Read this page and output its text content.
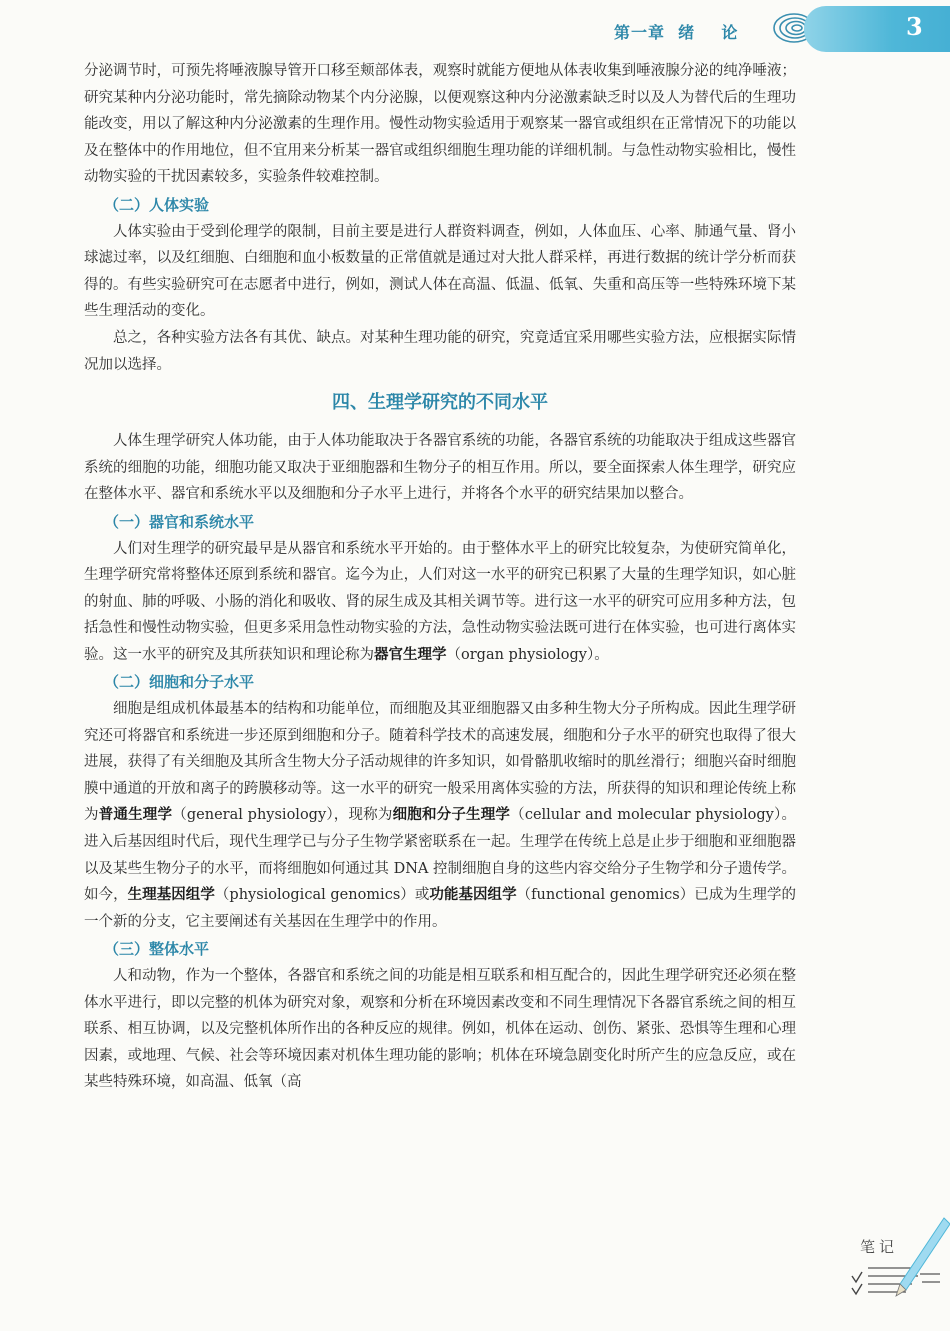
第一章  绪    论	3

分泌调节时，可预先将唾液腺导管开口移至颊部体表，观察时就能方便地从体表收集到唾液腺分泌的纯净唾液；研究某种内分泌功能时，常先摘除动物某个内分泌腺，以便观察这种内分泌激素缺乏时以及人为替代后的生理功能改变，用以了解这种内分泌激素的生理作用。慢性动物实验适用于观察某一器官或组织在正常情况下的功能以及在整体中的作用地位，但不宜用来分析某一器官或组织细胞生理功能的详细机制。与急性动物实验相比，慢性动物实验的干扰因素较多，实验条件较难控制。

（二）人体实验

人体实验由于受到伦理学的限制，目前主要是进行人群资料调查，例如，人体血压、心率、肺通气量、肾小球滤过率，以及红细胞、白细胞和血小板数量的正常值就是通过对大批人群采样，再进行数据的统计学分析而获得的。有些实验研究可在志愿者中进行，例如，测试人体在高温、低温、低氧、失重和高压等一些特殊环境下某些生理活动的变化。

总之，各种实验方法各有其优、缺点。对某种生理功能的研究，究竟适宜采用哪些实验方法，应根据实际情况加以选择。

四、生理学研究的不同水平

人体生理学研究人体功能，由于人体功能取决于各器官系统的功能，各器官系统的功能取决于组成这些器官系统的细胞的功能，细胞功能又取决于亚细胞器和生物分子的相互作用。所以，要全面探索人体生理学，研究应在整体水平、器官和系统水平以及细胞和分子水平上进行，并将各个水平的研究结果加以整合。

（一）器官和系统水平

人们对生理学的研究最早是从器官和系统水平开始的。由于整体水平上的研究比较复杂，为使研究简单化，生理学研究常将整体还原到系统和器官。迄今为止，人们对这一水平的研究已积累了大量的生理学知识，如心脏的射血、肺的呼吸、小肠的消化和吸收、肾的尿生成及其相关调节等。进行这一水平的研究可应用多种方法，包括急性和慢性动物实验，但更多采用急性动物实验的方法，急性动物实验法既可进行在体实验，也可进行离体实验。这一水平的研究及其所获知识和理论称为器官生理学（organ physiology）。

（二）细胞和分子水平

细胞是组成机体最基本的结构和功能单位，而细胞及其亚细胞器又由多种生物大分子所构成。因此生理学研究还可将器官和系统进一步还原到细胞和分子。随着科学技术的高速发展，细胞和分子水平的研究也取得了很大进展，获得了有关细胞及其所含生物大分子活动规律的许多知识，如骨骼肌收缩时的肌丝滑行；细胞兴奋时细胞膜中通道的开放和离子的跨膜移动等。这一水平的研究一般采用离体实验的方法，所获得的知识和理论传统上称为普通生理学（general physiology），现称为细胞和分子生理学（cellular and molecular physiology）。进入后基因组时代后，现代生理学已与分子生物学紧密联系在一起。生理学在传统上总是止步于细胞和亚细胞器以及某些生物分子的水平，而将细胞如何通过其 DNA 控制细胞自身的这些内容交给分子生物学和分子遗传学。如今，生理基因组学（physiological genomics）或功能基因组学（functional genomics）已成为生理学的一个新的分支，它主要阐述有关基因在生理学中的作用。

（三）整体水平

人和动物，作为一个整体，各器官和系统之间的功能是相互联系和相互配合的，因此生理学研究还必须在整体水平进行，即以完整的机体为研究对象，观察和分析在环境因素改变和不同生理情况下各器官系统之间的相互联系、相互协调，以及完整机体所作出的各种反应的规律。例如，机体在运动、创伤、紧张、恐惧等生理和心理因素，或地理、气候、社会等环境因素对机体生理功能的影响；机体在环境急剧变化时所产生的应急反应，或在某些特殊环境，如高温、低氧（高

笔记
